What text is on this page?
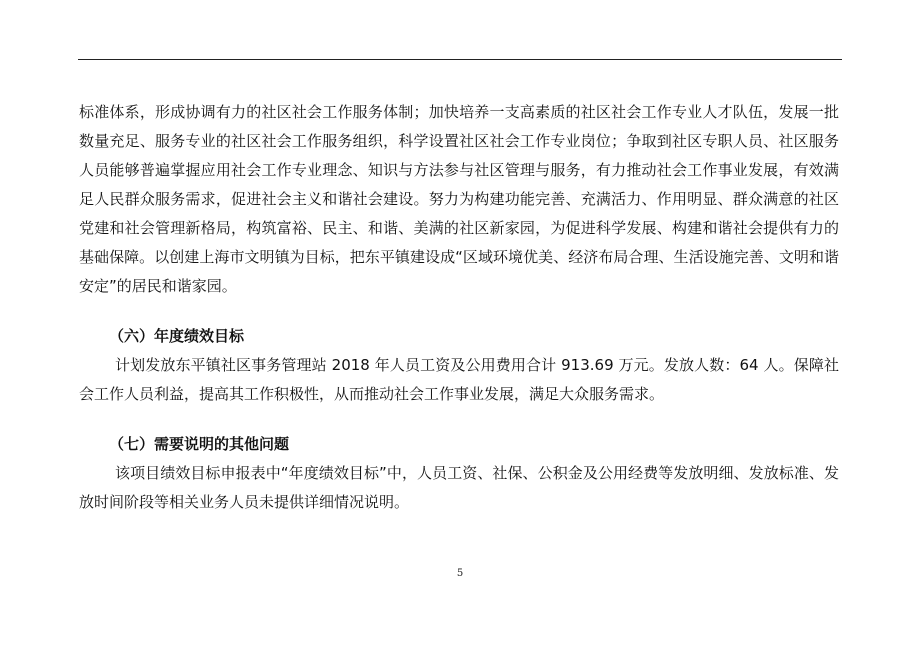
标准体系，形成协调有力的社区社会工作服务体制；加快培养一支高素质的社区社会工作专业人才队伍，发展一批数量充足、服务专业的社区社会工作服务组织，科学设置社区社会工作专业岗位；争取到社区专职人员、社区服务人员能够普遍掌握应用社会工作专业理念、知识与方法参与社区管理与服务，有力推动社会工作事业发展，有效满足人民群众服务需求，促进社会主义和谐社会建设。努力为构建功能完善、充满活力、作用明显、群众满意的社区党建和社会管理新格局，构筑富裕、民主、和谐、美满的社区新家园，为促进科学发展、构建和谐社会提供有力的基础保障。以创建上海市文明镇为目标，把东平镇建设成“区域环境优美、经济布局合理、生活设施完善、文明和谐安定”的居民和谐家园。

（六）年度绩效目标

计划发放东平镇社区事务管理站 2018 年人员工资及公用费用合计 913.69 万元。发放人数：64 人。保障社会工作人员利益，提高其工作积极性，从而推动社会工作事业发展，满足大众服务需求。

（七）需要说明的其他问题

该项目绩效目标申报表中“年度绩效目标”中，人员工资、社保、公积金及公用经费等发放明细、发放标准、发放时间阶段等相关业务人员未提供详细情况说明。

5
